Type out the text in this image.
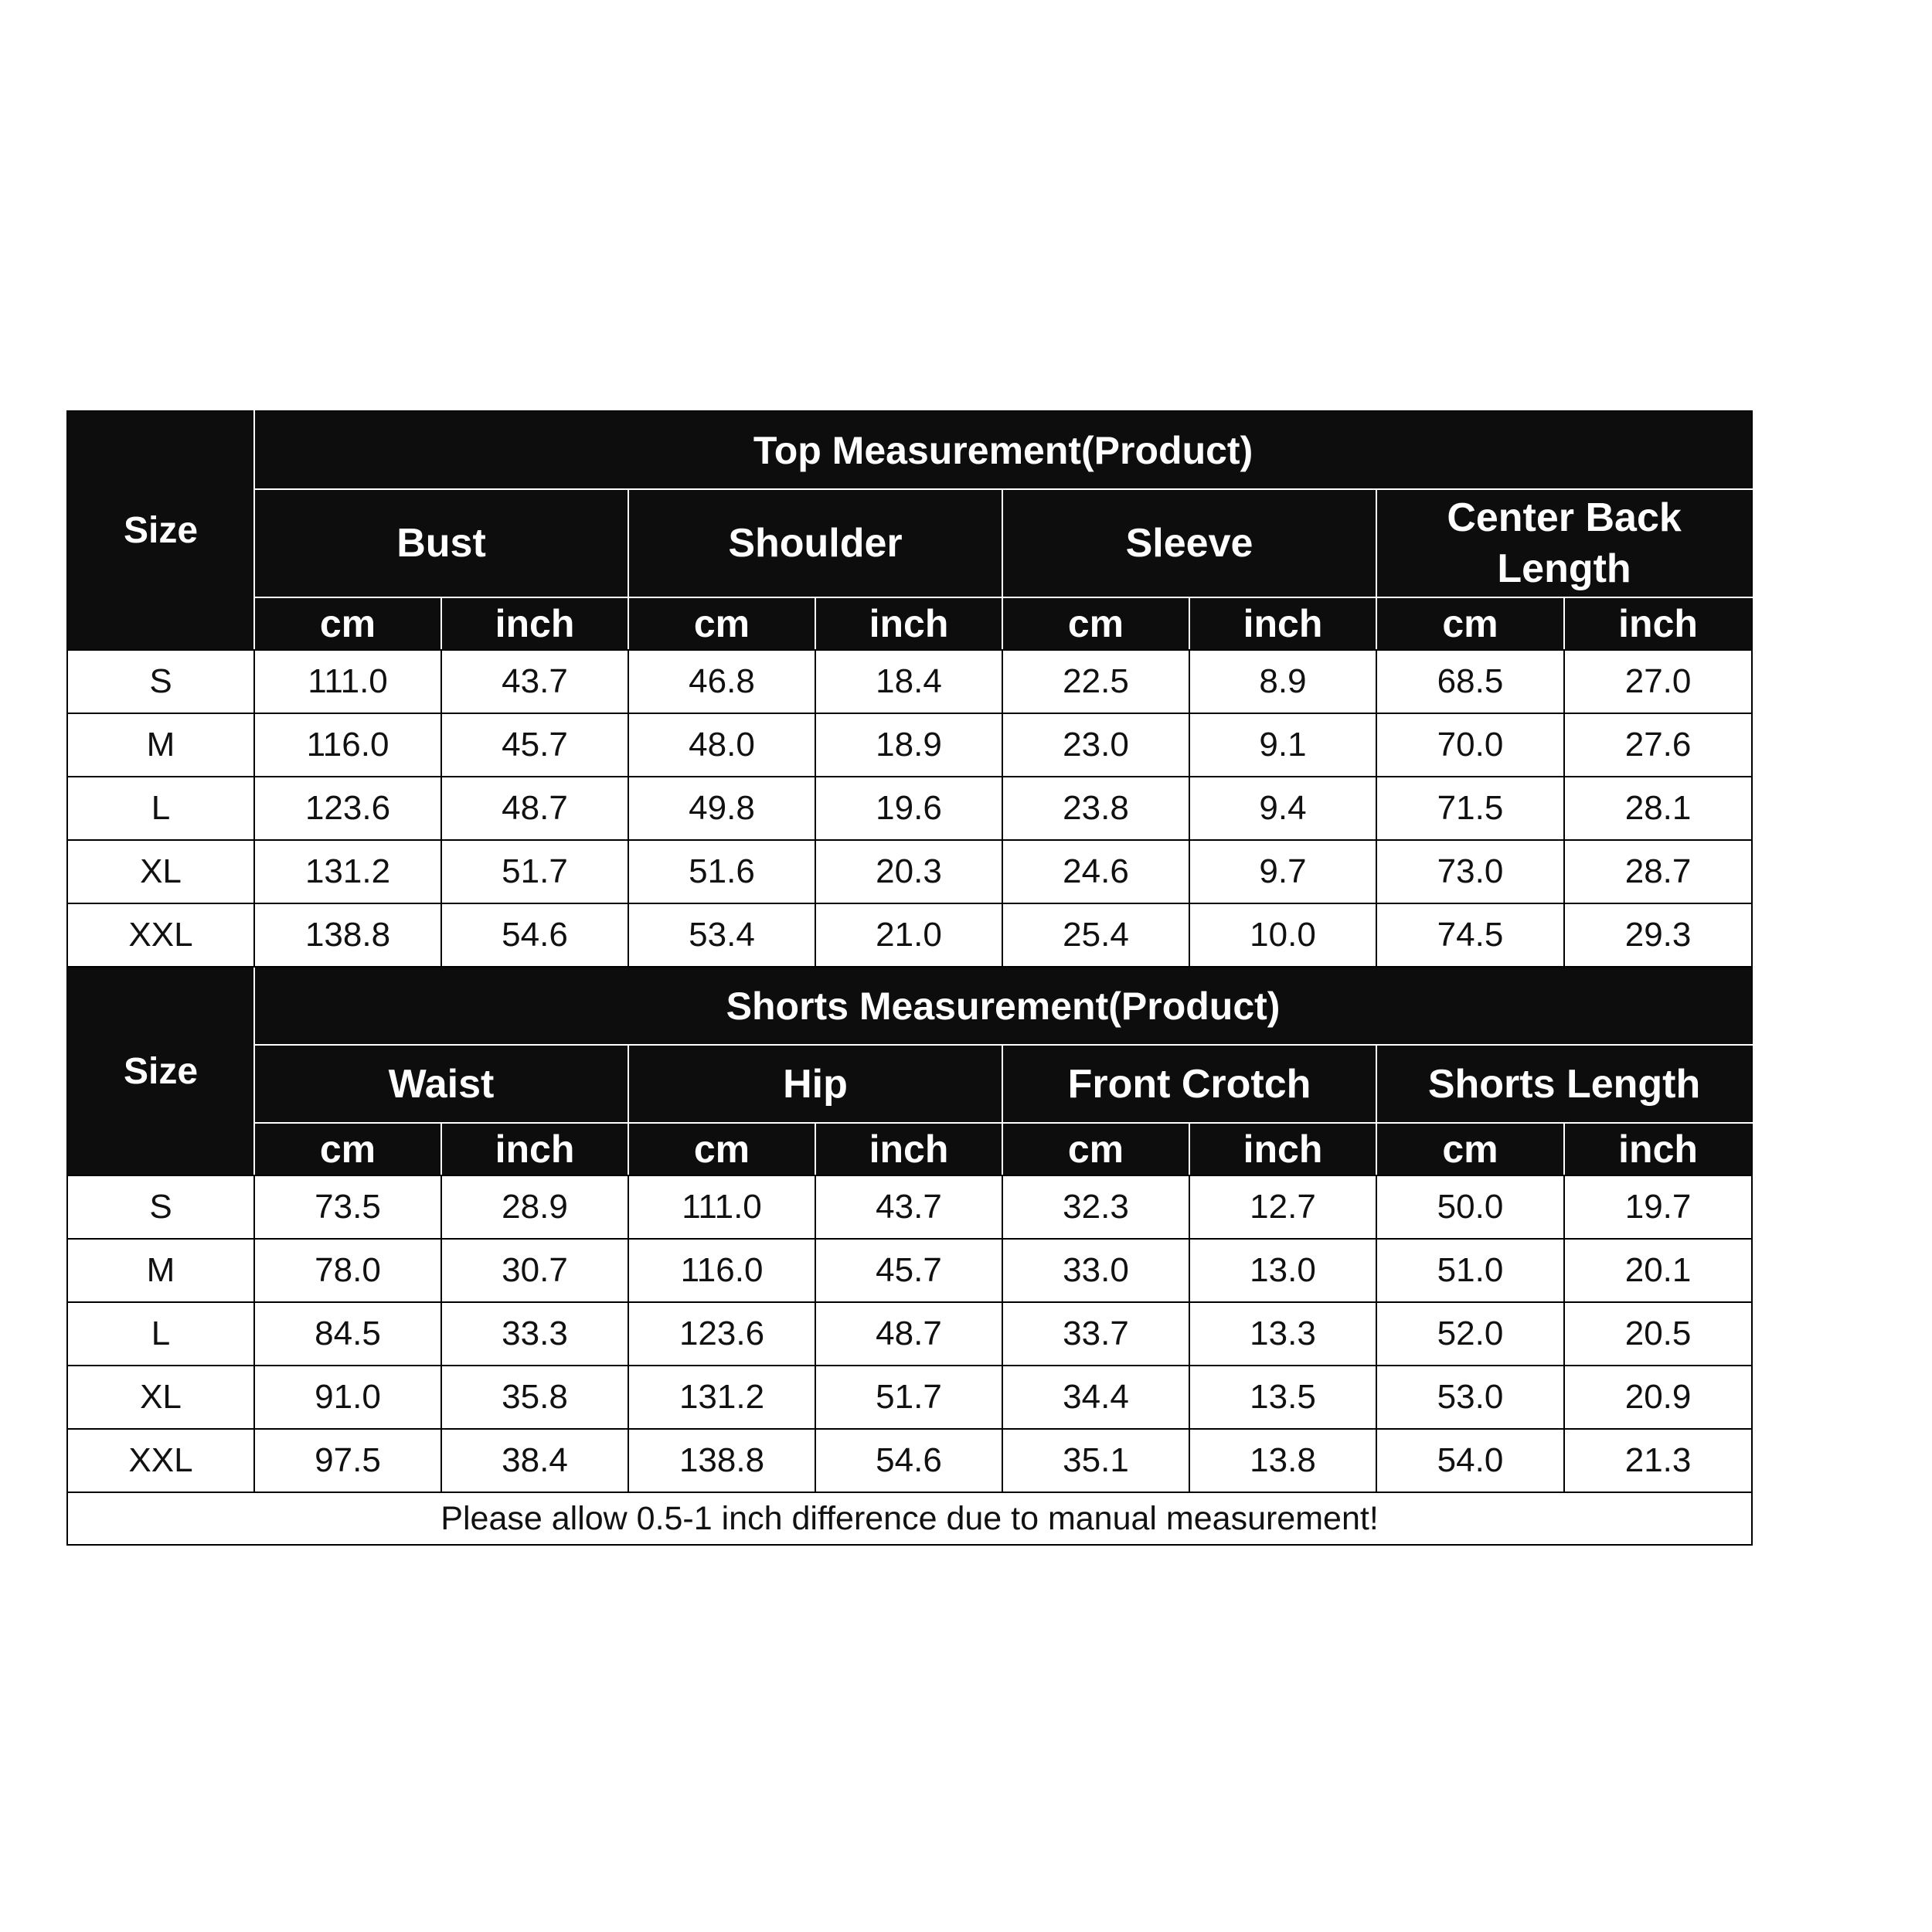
Size	Top Measurement(Product)							
	Bust		Shoulder		Sleeve		Center Back Length	
	cm	inch	cm	inch	cm	inch	cm	inch
S	111.0	43.7	46.8	18.4	22.5	8.9	68.5	27.0
M	116.0	45.7	48.0	18.9	23.0	9.1	70.0	27.6
L	123.6	48.7	49.8	19.6	23.8	9.4	71.5	28.1
XL	131.2	51.7	51.6	20.3	24.6	9.7	73.0	28.7
XXL	138.8	54.6	53.4	21.0	25.4	10.0	74.5	29.3
Size	Shorts Measurement(Product)							
	Waist		Hip		Front Crotch		Shorts Length	
	cm	inch	cm	inch	cm	inch	cm	inch
S	73.5	28.9	111.0	43.7	32.3	12.7	50.0	19.7
M	78.0	30.7	116.0	45.7	33.0	13.0	51.0	20.1
L	84.5	33.3	123.6	48.7	33.7	13.3	52.0	20.5
XL	91.0	35.8	131.2	51.7	34.4	13.5	53.0	20.9
XXL	97.5	38.4	138.8	54.6	35.1	13.8	54.0	21.3
Please allow 0.5-1 inch difference due to manual measurement!								
